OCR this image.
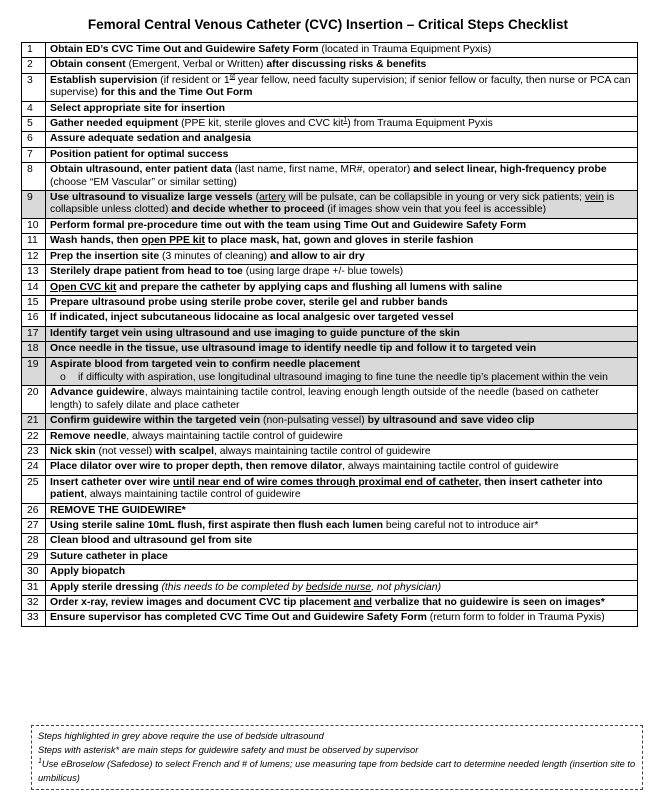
Femoral Central Venous Catheter (CVC) Insertion – Critical Steps Checklist
1	Obtain ED’s CVC Time Out and Guidewire Safety Form (located in Trauma Equipment Pyxis)
2	Obtain consent (Emergent, Verbal or Written) after discussing risks & benefits
3	Establish supervision (if resident or 1st year fellow, need faculty supervision; if senior fellow or faculty, then nurse or PCA can supervise) for this and the Time Out Form
4	Select appropriate site for insertion
5	Gather needed equipment (PPE kit, sterile gloves and CVC kit$^1$) from Trauma Equipment Pyxis
6	Assure adequate sedation and analgesia
7	Position patient for optimal success
8	Obtain ultrasound, enter patient data (last name, first name, MR#, operator) and select linear, high-frequency probe (choose “EM Vascular” or similar setting)
9	Use ultrasound to visualize large vessels (artery will be pulsate, can be collapsible in young or very sick patients; vein is collapsible unless clotted) and decide whether to proceed (if images show vein that you feel is accessible)
10	Perform formal pre-procedure time out with the team using Time Out and Guidewire Safety Form
11	Wash hands, then open PPE kit to place mask, hat, gown and gloves in sterile fashion
12	Prep the insertion site (3 minutes of cleaning) and allow to air dry
13	Sterilely drape patient from head to toe (using large drape +/- blue towels)
14	Open CVC kit and prepare the catheter by applying caps and flushing all lumens with saline
15	Prepare ultrasound probe using sterile probe cover, sterile gel and rubber bands
16	If indicated, inject subcutaneous lidocaine as local analgesic over targeted vessel
17	Identify target vein using ultrasound and use imaging to guide puncture of the skin
18	Once needle in the tissue, use ultrasound image to identify needle tip and follow it to targeted vein
19	Aspirate blood from targeted vein to confirm needle placement
o if difficulty with aspiration, use longitudinal ultrasound imaging to fine tune the needle tip’s placement within the vein

20	Advance guidewire, always maintaining tactile control, leaving enough length outside of the needle (based on catheter length) to safely dilate and place catheter
21	Confirm guidewire within the targeted vein (non-pulsating vessel) by ultrasound and save video clip
22	Remove needle, always maintaining tactile control of guidewire
23	Nick skin (not vessel) with scalpel, always maintaining tactile control of guidewire
24	Place dilator over wire to proper depth, then remove dilator, always maintaining tactile control of guidewire
25	Insert catheter over wire until near end of wire comes through proximal end of catheter, then insert catheter into patient, always maintaining tactile control of guidewire
26	REMOVE THE GUIDEWIRE*
27	Using sterile saline 10mL flush, first aspirate then flush each lumen being careful not to introduce air*
28	Clean blood and ultrasound gel from site
29	Suture catheter in place
30	Apply biopatch
31	Apply sterile dressing (this needs to be completed by bedside nurse, not physician)
32	Order x-ray, review images and document CVC tip placement and verbalize that no guidewire is seen on images*
33	Ensure supervisor has completed CVC Time Out and Guidewire Safety Form (return form to folder in Trauma Pyxis)
Steps highlighted in grey above require the use of bedside ultrasound
Steps with asterisk* are main steps for guidewire safety and must be observed by supervisor
$^1$Use eBroselow (Safedose) to select French and # of lumens; use measuring tape from bedside cart to determine needed length (insertion site to umbilicus)
